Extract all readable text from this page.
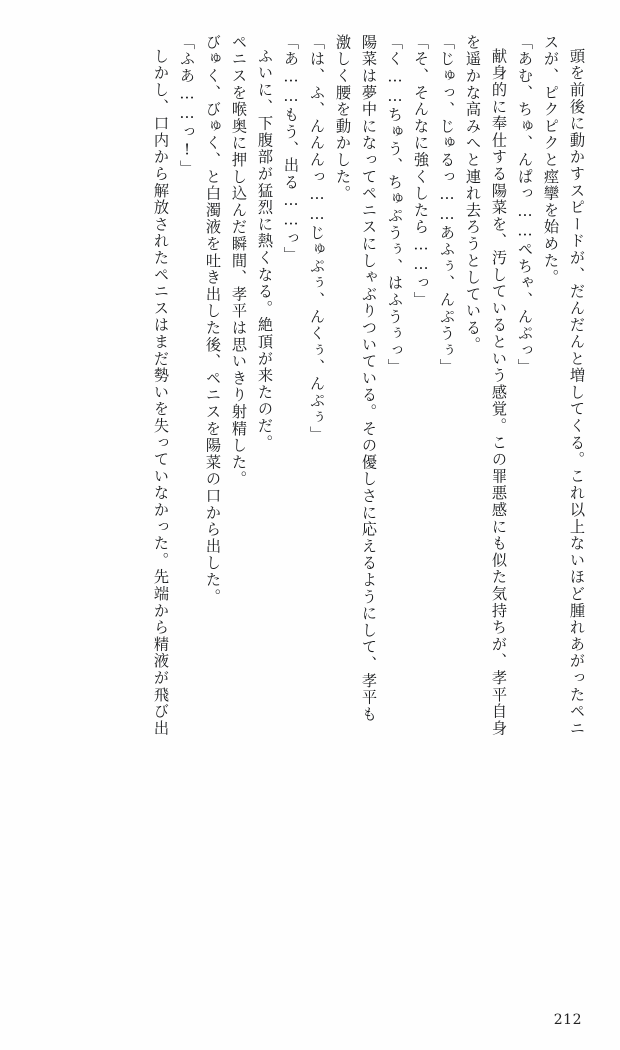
頭を前後に動かすスピードが、だんだんと増してくる。これ以上ないほど腫れあがったペニ
スが、ピクピクと痙攣を始めた。
「あむ、ちゅ、んぱっ……ぺちゃ、んぷっ」
献身的に奉仕する陽菜を、汚しているという感覚。この罪悪感にも似た気持ちが、孝平自身
を遥かな高みへと連れ去ろうとしている。
「じゅっ、じゅるっ……あふぅ、んぷうぅ」
「そ、そんなに強くしたら……っ」
「く……ちゅう、ちゅぷうぅ、はふうぅっ」
陽菜は夢中になってペニスにしゃぶりついている。その優しさに応えるようにして、孝平も
激しく腰を動かした。
「は、ふ、んんんっ……じゅぷぅ、んくぅ、んぷぅ」
「あ……もう、出る……っ」
ふいに、下腹部が猛烈に熱くなる。絶頂が来たのだ。
ペニスを喉奥に押し込んだ瞬間、孝平は思いきり射精した。
びゅく、びゅく、と白濁液を吐き出した後、ペニスを陽菜の口から出した。
「ふあ……っ!」
しかし、口内から解放されたペニスはまだ勢いを失っていなかった。先端から精液が飛び出
212
